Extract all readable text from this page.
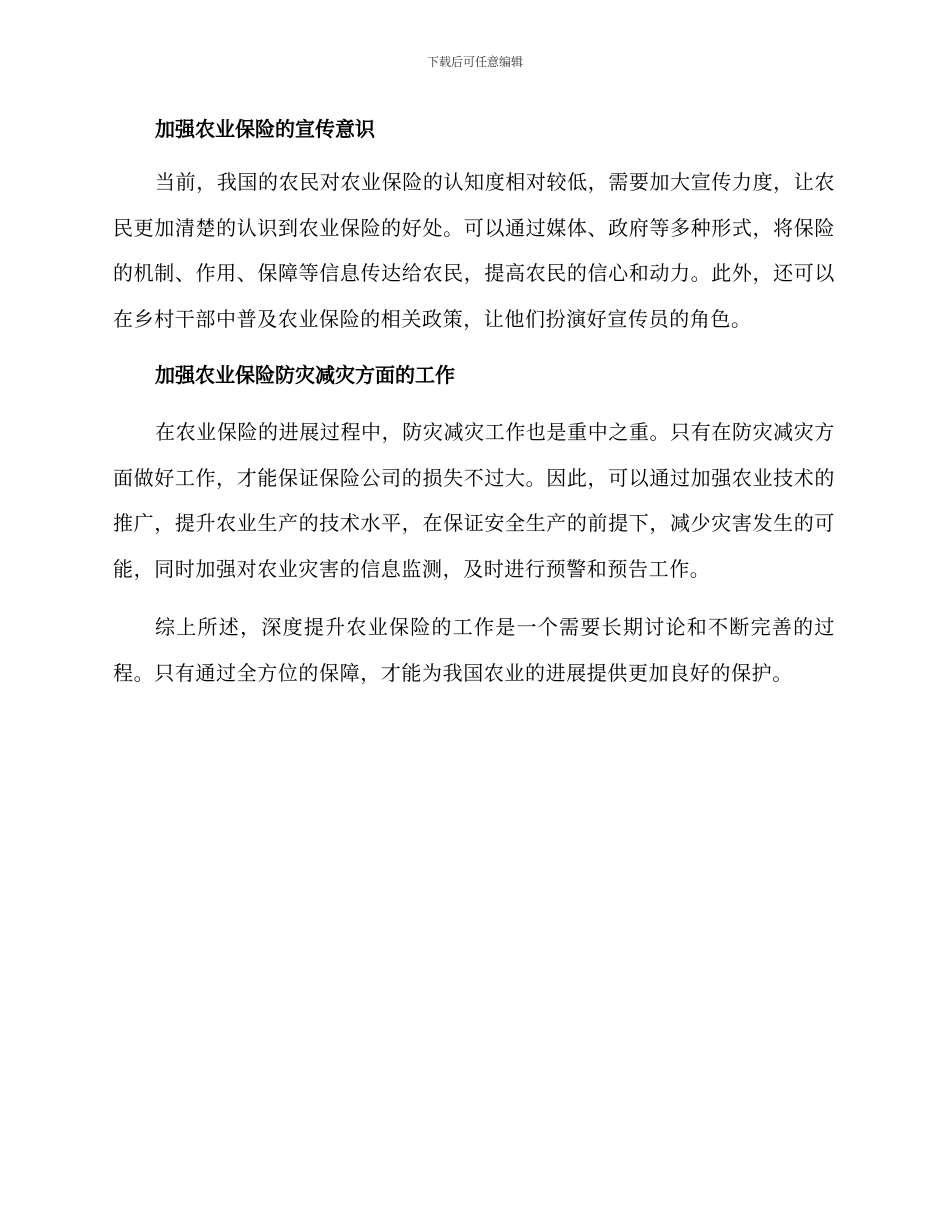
下载后可任意编辑
加强农业保险的宣传意识

当前，我国的农民对农业保险的认知度相对较低，需要加大宣传力度，让农民更加清楚的认识到农业保险的好处。可以通过媒体、政府等多种形式，将保险的机制、作用、保障等信息传达给农民，提高农民的信心和动力。此外，还可以在乡村干部中普及农业保险的相关政策，让他们扮演好宣传员的角色。

加强农业保险防灾减灾方面的工作

在农业保险的进展过程中，防灾减灾工作也是重中之重。只有在防灾减灾方面做好工作，才能保证保险公司的损失不过大。因此，可以通过加强农业技术的推广，提升农业生产的技术水平，在保证安全生产的前提下，减少灾害发生的可能，同时加强对农业灾害的信息监测，及时进行预警和预告工作。

综上所述，深度提升农业保险的工作是一个需要长期讨论和不断完善的过程。只有通过全方位的保障，才能为我国农业的进展提供更加良好的保护。
